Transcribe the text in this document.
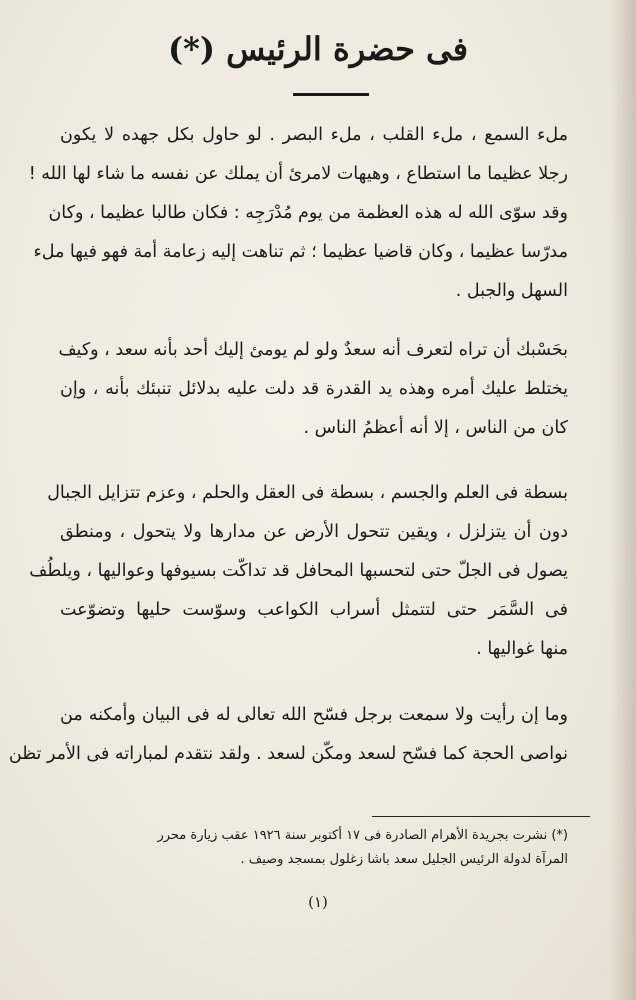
فى حضرة الرئيس (*)
ملء السمع ، ملء القلب ، ملء البصر . لو حاول بكل جهده لا يكون
رجلا عظيما ما استطاع ، وهيهات لامرئ أن يملك عن نفسه ما شاء لها الله !
وقد سوّى الله له هذه العظمة من يوم مُدْرَجِه : فكان طالبا عظيما ، وكان
مدرّسا عظيما ، وكان قاضيا عظيما ؛ ثم تناهت إليه زعامة أمة فهو فيها ملء
السهل والجبل .
بحَسْبك أن تراه لتعرف أنه سعدٌ ولو لم يومئ إليك أحد بأنه سعد ، وكيف
يختلط عليك أمره وهذه يد القدرة قد دلت عليه بدلائل تنبئك بأنه ، وإن
كان من الناس ، إلا أنه أعظمُ الناس .
بسطة فى العلم والجسم ، بسطة فى العقل والحلم ، وعزم تتزايل الجبال
دون أن يتزلزل ، ويقين تتحول الأرض عن مدارها ولا يتحول ، ومنطق
يصول فى الجلّ حتى لتحسبها المحافل قد تداكّت بسيوفها وعواليها ، ويلطُف
فى السَّمَر حتى لتتمثل أسراب الكواعب وسوّست حليها وتضوّعت
منها غواليها .
وما إن رأيت ولا سمعت برجل فسّح الله تعالى له فى البيان وأمكنه من
نواصى الحجة كما فسّح لسعد ومكّن لسعد . ولقد نتقدم لمباراته فى الأمر تظن
(*) نشرت بجريدة الأهرام الصادرة فى ١٧ أكتوبر سنة ١٩٢٦ عقب زيارة محرر
المرآة لدولة الرئيس الجليل سعد باشا زغلول بمسجد وصيف .
(١)
